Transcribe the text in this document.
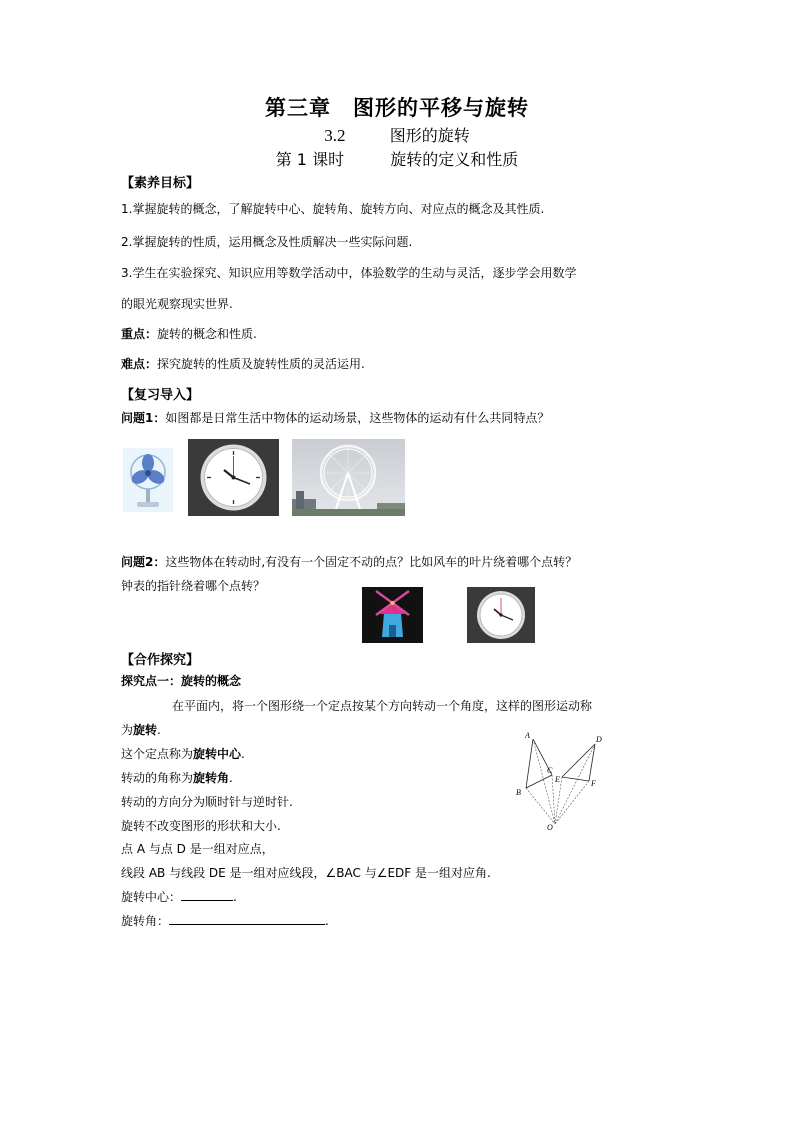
第三章　图形的平移与旋转
3.2	图形的旋转
第 1 课时	旋转的定义和性质
【素养目标】
1.掌握旋转的概念，了解旋转中心、旋转角、旋转方向、对应点的概念及其性质.
2.掌握旋转的性质，运用概念及性质解决一些实际问题.
3.学生在实验探究、知识应用等数学活动中，体验数学的生动与灵活，逐步学会用数学
的眼光观察现实世界.
重点：旋转的概念和性质.
难点：探究旋转的性质及旋转性质的灵活运用.
【复习导入】
问题1：如图都是日常生活中物体的运动场景，这些物体的运动有什么共同特点？
问题2：这些物体在转动时,有没有一个固定不动的点？比如风车的叶片绕着哪个点转？
钟表的指针绕着哪个点转？
【合作探究】
探究点一：旋转的概念
在平面内，将一个图形绕一个定点按某个方向转动一个角度，这样的图形运动称
为旋转.
这个定点称为旋转中心.
转动的角称为旋转角.
转动的方向分为顺时针与逆时针.
旋转不改变图形的形状和大小.
点 A 与点 D 是一组对应点，
线段 AB 与线段 DE 是一组对应线段，∠BAC 与∠EDF 是一组对应角.
旋转中心：	.
旋转角：	.
A
B
C
D
E	F
O
